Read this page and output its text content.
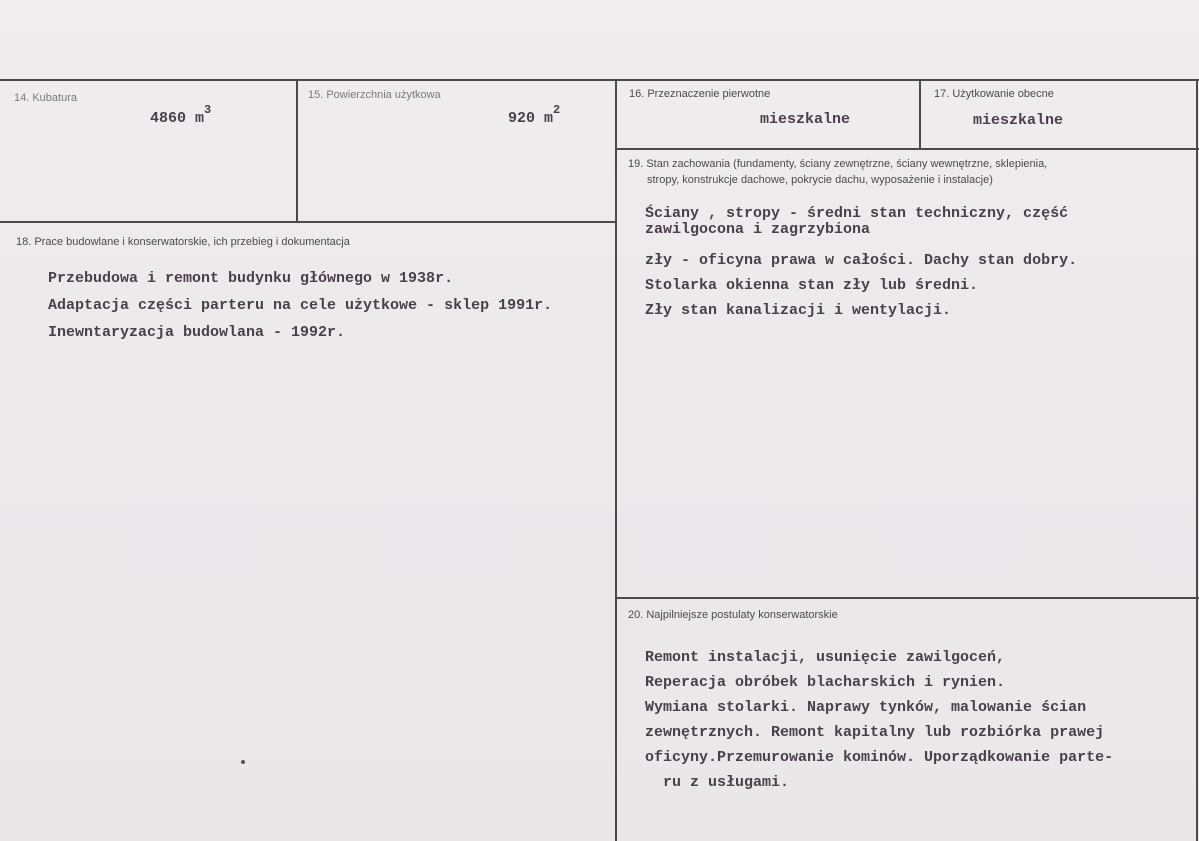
14. Kubatura
4860 $m^3$
15. Powierzchnia użytkowa
920 $m^2$
16. Przeznaczenie pierwotne
mieszkalne
17. Użytkowanie obecne
mieszkalne
19. Stan zachowania (fundamenty, ściany zewnętrzne, ściany wewnętrzne, sklepienia,
stropy, konstrukcje dachowe, pokrycie dachu, wyposażenie i instalacje)
Ściany , stropy - średni stan techniczny, część
zawilgocona i zagrzybiona
zły - oficyna prawa w całości. Dachy stan dobry.
Stolarka okienna stan zły lub średni.
Zły stan kanalizacji i wentylacji.
18. Prace budowlane i konserwatorskie, ich przebieg i dokumentacja
Przebudowa i remont budynku głównego w 1938r.
Adaptacja części parteru na cele użytkowe - sklep 1991r.
Inewntaryzacja budowlana - 1992r.
20. Najpilniejsze postulaty konserwatorskie
Remont instalacji, usunięcie zawilgoceń,
Reperacja obróbek blacharskich i rynien.
Wymiana stolarki. Naprawy tynków, malowanie ścian
zewnętrznych. Remont kapitalny lub rozbiórka prawej
oficyny.Przemurowanie kominów. Uporządkowanie parte-
ru z usługami.
